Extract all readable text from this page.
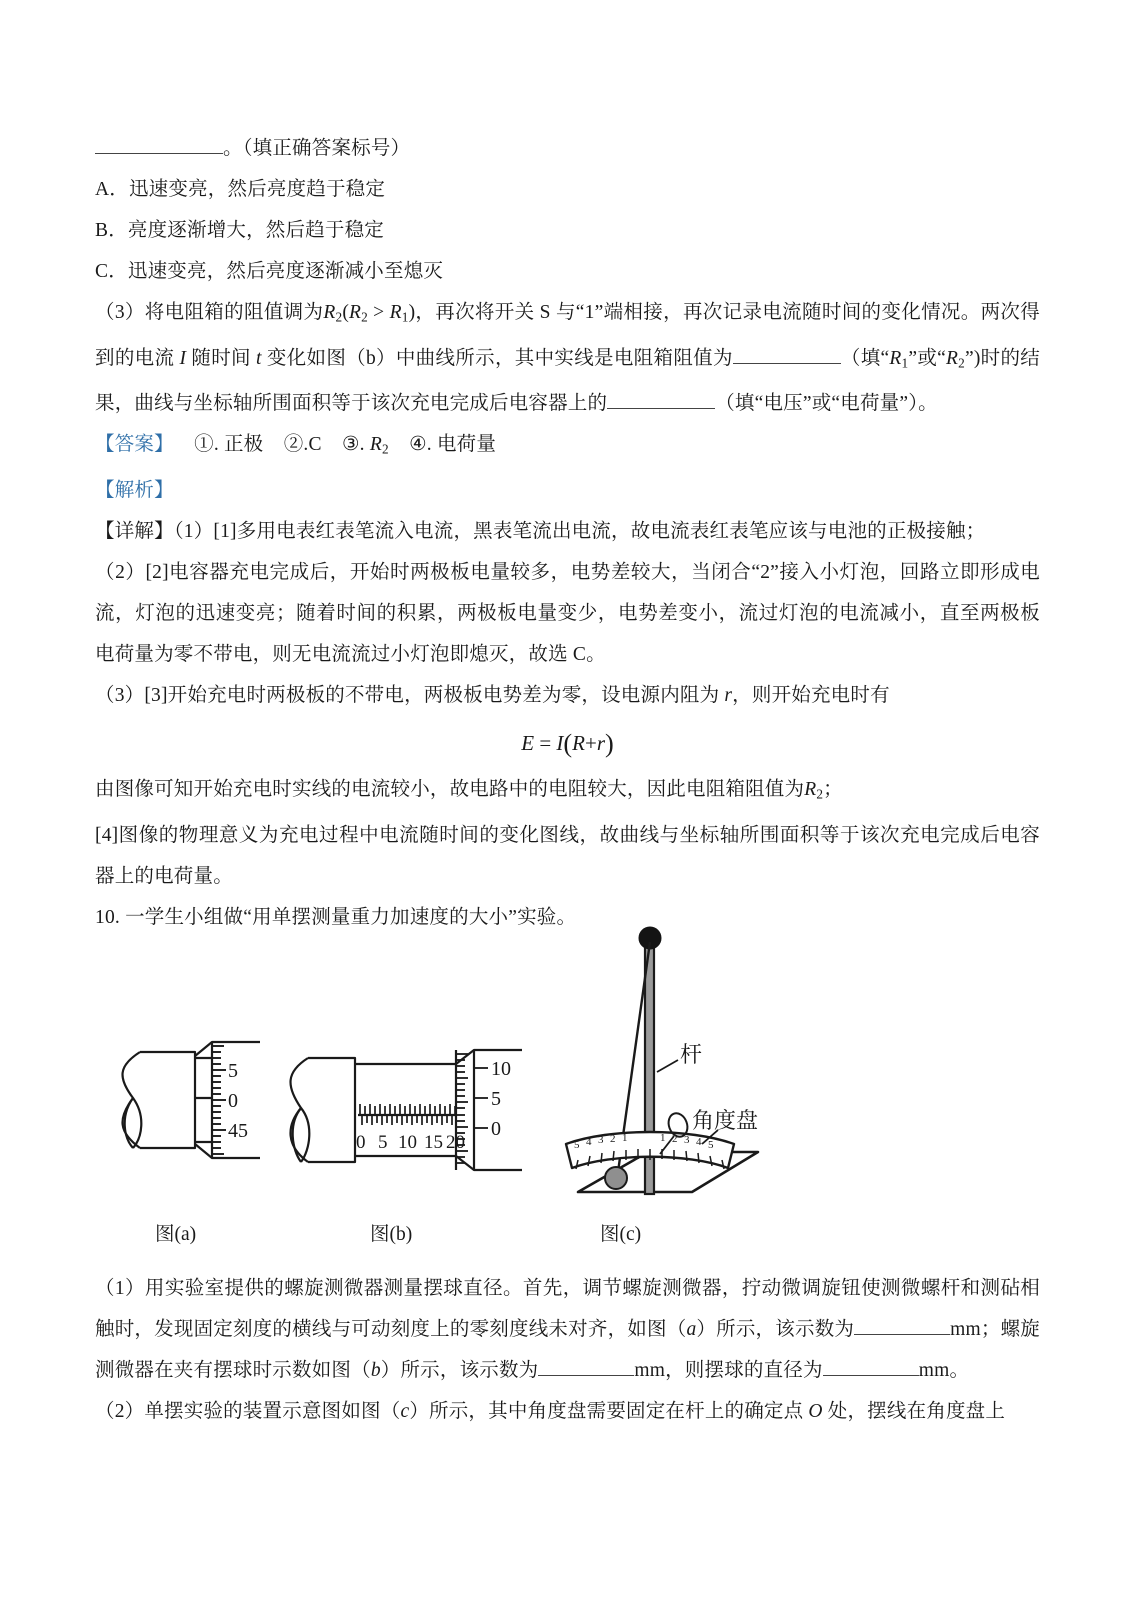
。（填正确答案标号）

A．迅速变亮，然后亮度趋于稳定

B．亮度逐渐增大，然后趋于稳定

C．迅速变亮，然后亮度逐渐减小至熄灭

（3）将电阻箱的阻值调为$R_2(R_2 > R_1)$，再次将开关 S 与“1”端相接，再次记录电流随时间的变化情况。两次得到的电流 I 随时间 t 变化如图（b）中曲线所示，其中实线是电阻箱阻值为	（填“$R_1$”或“$R_2$”)时的结果，曲线与坐标轴所围面积等于该次充电完成后电容器上的	（填“电压”或“电荷量”）。

【答案】 ①. 正极 ②.C ③. $R_2$ ④. 电荷量

【解析】

【详解】（1）[1]多用电表红表笔流入电流，黑表笔流出电流，故电流表红表笔应该与电池的正极接触；

（2）[2]电容器充电完成后，开始时两极板电量较多，电势差较大，当闭合“2”接入小灯泡，回路立即形成电流，灯泡的迅速变亮；随着时间的积累，两极板电量变少，电势差变小，流过灯泡的电流减小，直至两极板电荷量为零不带电，则无电流流过小灯泡即熄灭，故选 C。

（3）[3]开始充电时两极板的不带电，两极板电势差为零，设电源内阻为 r，则开始充电时有

E = I(R+r)

由图像可知开始充电时实线的电流较小，故电路中的电阻较大，因此电阻箱阻值为$R_2$；

[4]图像的物理意义为充电过程中电流随时间的变化图线，故曲线与坐标轴所围面积等于该次充电完成后电容器上的电荷量。

10. 一学生小组做“用单摆测量重力加速度的大小”实验。

5
0
45
0 5 10 15 20
10
5
0
5 4 3 2 1	1 2 3 4 5
杆
角度盘
图(a)	图(b)	图(c)

（1）用实验室提供的螺旋测微器测量摆球直径。首先，调节螺旋测微器，拧动微调旋钮使测微螺杆和测砧相触时，发现固定刻度的横线与可动刻度上的零刻度线未对齐，如图（a）所示，该示数为	mm；螺旋测微器在夹有摆球时示数如图（b）所示，该示数为	mm，则摆球的直径为	mm。

（2）单摆实验的装置示意图如图（c）所示，其中角度盘需要固定在杆上的确定点 O 处，摆线在角度盘上
